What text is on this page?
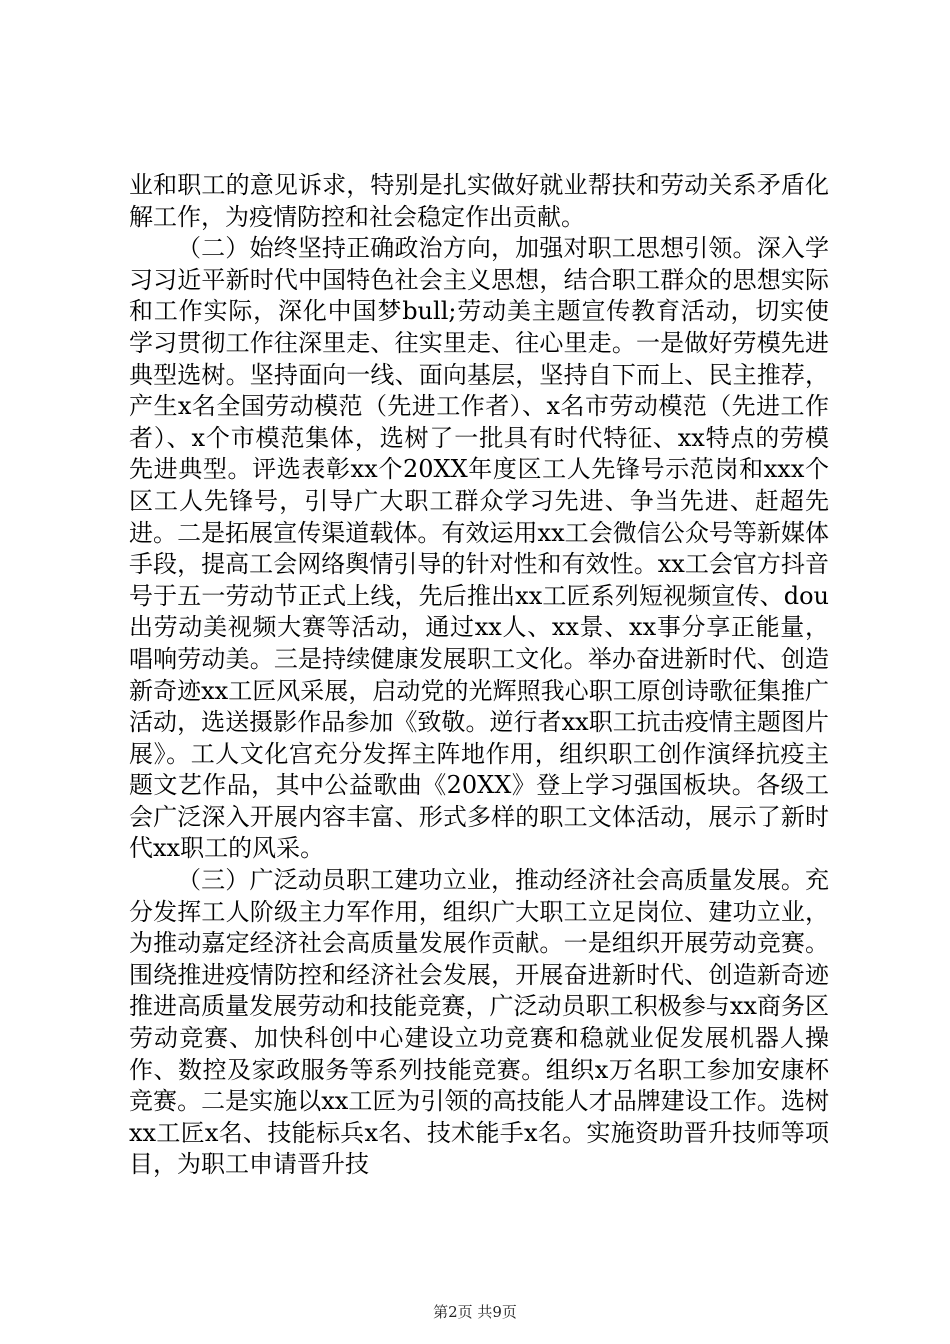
业和职工的意见诉求，特别是扎实做好就业帮扶和劳动关系矛盾化解工作，为疫情防控和社会稳定作出贡献。

（二）始终坚持正确政治方向，加强对职工思想引领。深入学习习近平新时代中国特色社会主义思想，结合职工群众的思想实际和工作实际，深化中国梦bull;劳动美主题宣传教育活动，切实使学习贯彻工作往深里走、往实里走、往心里走。一是做好劳模先进典型选树。坚持面向一线、面向基层，坚持自下而上、民主推荐，产生x名全国劳动模范（先进工作者）、x名市劳动模范（先进工作者）、x个市模范集体，选树了一批具有时代特征、xx特点的劳模先进典型。评选表彰xx个20XX年度区工人先锋号示范岗和xxx个区工人先锋号，引导广大职工群众学习先进、争当先进、赶超先进。二是拓展宣传渠道载体。有效运用xx工会微信公众号等新媒体手段，提高工会网络舆情引导的针对性和有效性。xx工会官方抖音号于五一劳动节正式上线，先后推出xx工匠系列短视频宣传、dou出劳动美视频大赛等活动，通过xx人、xx景、xx事分享正能量，唱响劳动美。三是持续健康发展职工文化。举办奋进新时代、创造新奇迹xx工匠风采展，启动党的光辉照我心职工原创诗歌征集推广活动，选送摄影作品参加《致敬。逆行者xx职工抗击疫情主题图片展》。工人文化宫充分发挥主阵地作用，组织职工创作演绎抗疫主题文艺作品，其中公益歌曲《20XX》登上学习强国板块。各级工会广泛深入开展内容丰富、形式多样的职工文体活动，展示了新时代xx职工的风采。

（三）广泛动员职工建功立业，推动经济社会高质量发展。充分发挥工人阶级主力军作用，组织广大职工立足岗位、建功立业，为推动嘉定经济社会高质量发展作贡献。一是组织开展劳动竞赛。围绕推进疫情防控和经济社会发展，开展奋进新时代、创造新奇迹推进高质量发展劳动和技能竞赛，广泛动员职工积极参与xx商务区劳动竞赛、加快科创中心建设立功竞赛和稳就业促发展机器人操作、数控及家政服务等系列技能竞赛。组织x万名职工参加安康杯竞赛。二是实施以xx工匠为引领的高技能人才品牌建设工作。选树xx工匠x名、技能标兵x名、技术能手x名。实施资助晋升技师等项目，为职工申请晋升技

第2页 共9页
